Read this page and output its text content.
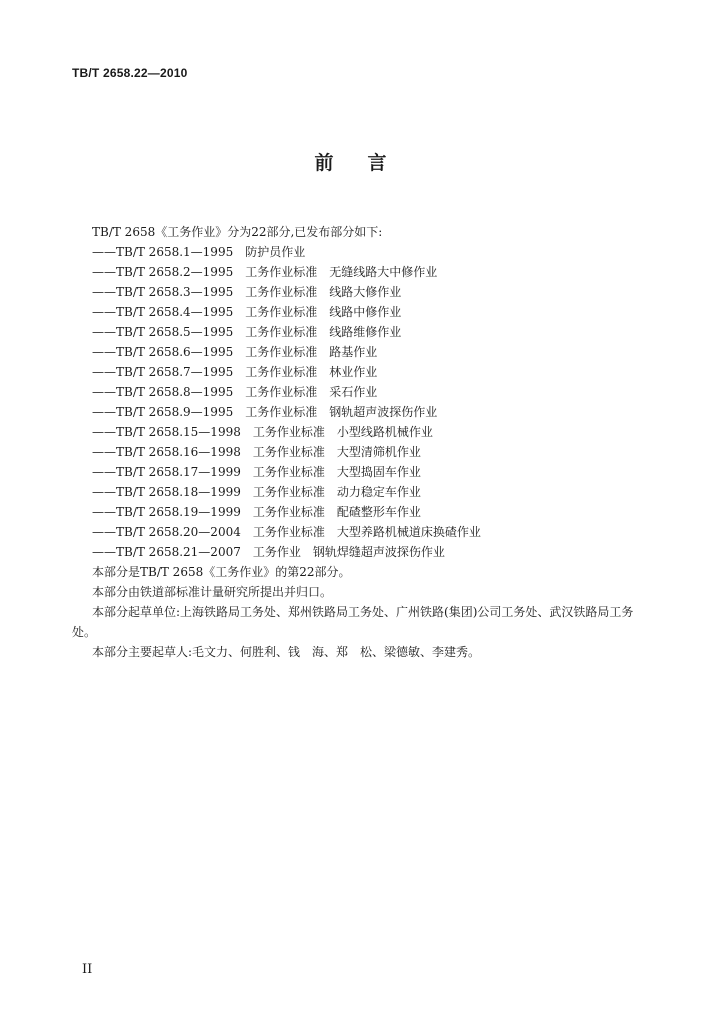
TB/T 2658.22—2010
前 言
TB/T 2658《工务作业》分为22部分,已发布部分如下:
——TB/T 2658.1—1995 防护员作业
——TB/T 2658.2—1995 工务作业标准 无缝线路大中修作业
——TB/T 2658.3—1995 工务作业标准 线路大修作业
——TB/T 2658.4—1995 工务作业标准 线路中修作业
——TB/T 2658.5—1995 工务作业标准 线路维修作业
——TB/T 2658.6—1995 工务作业标准 路基作业
——TB/T 2658.7—1995 工务作业标准 林业作业
——TB/T 2658.8—1995 工务作业标准 采石作业
——TB/T 2658.9—1995 工务作业标准 钢轨超声波探伤作业
——TB/T 2658.15—1998 工务作业标准 小型线路机械作业
——TB/T 2658.16—1998 工务作业标准 大型清筛机作业
——TB/T 2658.17—1999 工务作业标准 大型捣固车作业
——TB/T 2658.18—1999 工务作业标准 动力稳定车作业
——TB/T 2658.19—1999 工务作业标准 配碴整形车作业
——TB/T 2658.20—2004 工务作业标准 大型养路机械道床换碴作业
——TB/T 2658.21—2007 工务作业 钢轨焊缝超声波探伤作业
本部分是TB/T 2658《工务作业》的第22部分。
本部分由铁道部标准计量研究所提出并归口。
本部分起草单位:上海铁路局工务处、郑州铁路局工务处、广州铁路(集团)公司工务处、武汉铁路局工务处。
本部分主要起草人:毛文力、何胜利、钱　海、郑　松、梁德敏、李建秀。
II
